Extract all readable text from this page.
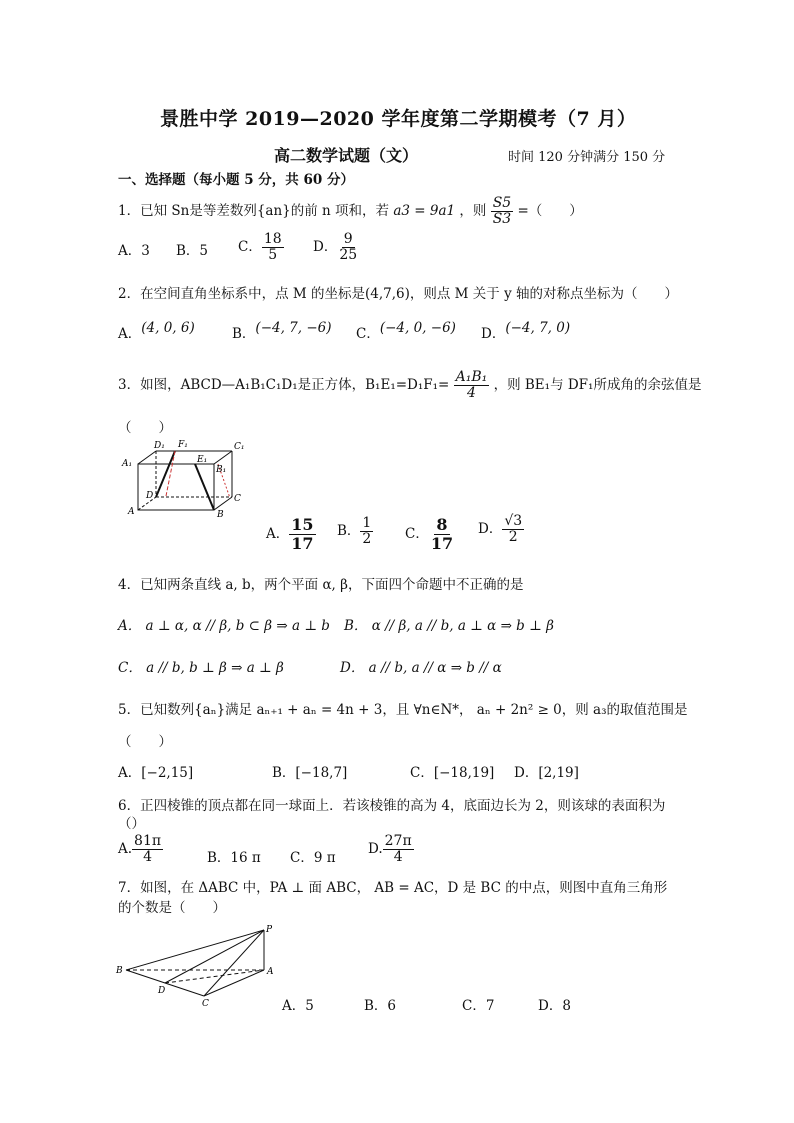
景胜中学 2019—2020 学年度第二学期模考（7 月）
高二数学试题（文）	时间 120 分钟满分 150 分
一、选择题（每小题 5 分，共 60 分）
1．已知 Sn是等差数列{an}的前 n 项和，若 a3 = 9a1 ，则 $\frac{S5}{S3}$ =（　　）
A．3 B．5 C． $\frac{18}{5}$ D． $\frac{9}{25}$
2．在空间直角坐标系中，点 M 的坐标是(4,7,6)，则点 M 关于 y 轴的对称点坐标为（　　）
A．(4, 0, 6)	B．(−4, 7, −6) C．(−4, 0, −6) D．(−4, 7, 0)
3．如图，ABCD—A₁B₁C₁D₁是正方体，$B_1E_1=D_1F_1= \frac{\text{A₁B₁}}{4}$ ，则 BE₁与 DF₁所成角的余弦值是
（　　）
D₁ F₁	C₁
A₁	E₁
B₁
D	C
A	B
A． $\frac{15}{17}$ B． $\frac{1}{2}$ C． $\frac{8}{17}$ D． $\frac{√3}{2}$
4．已知两条直线 a, b，两个平面 α, β，下面四个命题中不正确的是
A． a ⊥ α, α // β, b ⊂ β ⇒ a ⊥ b B． α // β, a // b, a ⊥ α ⇒ b ⊥ β
C． a // b, b ⊥ β ⇒ a ⊥ β	D． a // b, a // α ⇒ b // α
5．已知数列{aₙ}满足 aₙ₊₁ + aₙ = 4n + 3，且 ∀n∈N*， aₙ + 2n² ≥ 0，则 a₃的取值范围是
（　　）
A．[−2,15]	B．[−18,7]	C．[−18,19] D．[2,19]
6．正四棱锥的顶点都在同一球面上．若该棱锥的高为 4，底面边长为 2，则该球的表面积为
（）
A. $\frac{81\pi}{4}$	B．16 π C．9 π
D. $\frac{27\pi}{4}$
7．如图，在 ΔABC 中，PA ⊥ 面 ABC， AB = AC，D 是 BC 的中点，则图中直角三角形
的个数是（　　）
P
B	A
D
C	A．5	B．6	C．7	D．8
